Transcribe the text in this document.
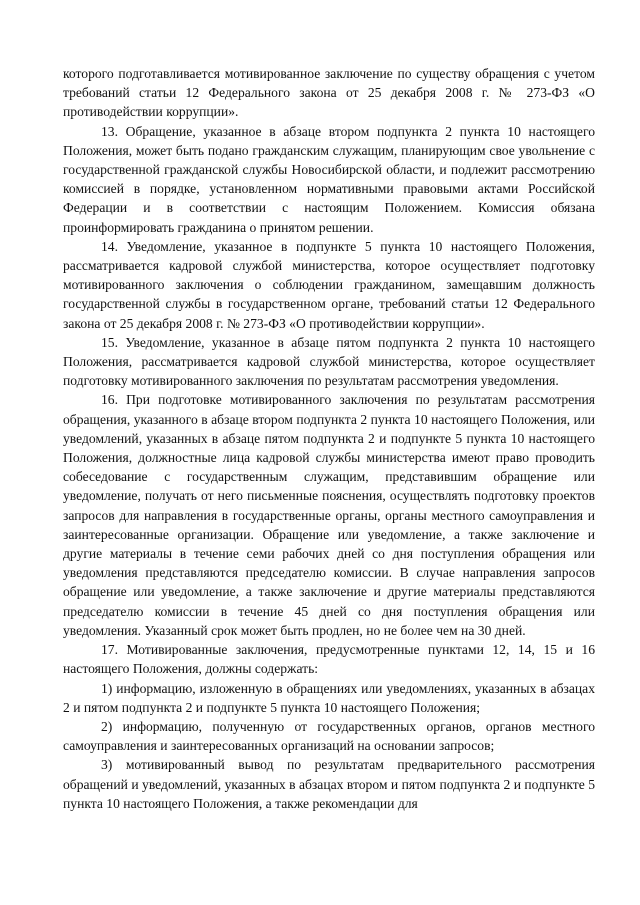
которого подготавливается мотивированное заключение по существу обращения с учетом требований статьи 12 Федерального закона от 25 декабря 2008 г. № 273-ФЗ «О противодействии коррупции».

13. Обращение, указанное в абзаце втором подпункта 2 пункта 10 настоящего Положения, может быть подано гражданским служащим, планирующим свое увольнение с государственной гражданской службы Новосибирской области, и подлежит рассмотрению комиссией в порядке, установленном нормативными правовыми актами Российской Федерации и в соответствии с настоящим Положением. Комиссия обязана проинформировать гражданина о принятом решении.

14. Уведомление, указанное в подпункте 5 пункта 10 настоящего Положения, рассматривается кадровой службой министерства, которое осуществляет подготовку мотивированного заключения о соблюдении гражданином, замещавшим должность государственной службы в государственном органе, требований статьи 12 Федерального закона от 25 декабря 2008 г. № 273-ФЗ «О противодействии коррупции».

15. Уведомление, указанное в абзаце пятом подпункта 2 пункта 10 настоящего Положения, рассматривается кадровой службой министерства, которое осуществляет подготовку мотивированного заключения по результатам рассмотрения уведомления.

16. При подготовке мотивированного заключения по результатам рассмотрения обращения, указанного в абзаце втором подпункта 2 пункта 10 настоящего Положения, или уведомлений, указанных в абзаце пятом подпункта 2 и подпункте 5 пункта 10 настоящего Положения, должностные лица кадровой службы министерства имеют право проводить собеседование с государственным служащим, представившим обращение или уведомление, получать от него письменные пояснения, осуществлять подготовку проектов запросов для направления в государственные органы, органы местного самоуправления и заинтересованные организации. Обращение или уведомление, а также заключение и другие материалы в течение семи рабочих дней со дня поступления обращения или уведомления представляются председателю комиссии. В случае направления запросов обращение или уведомление, а также заключение и другие материалы представляются председателю комиссии в течение 45 дней со дня поступления обращения или уведомления. Указанный срок может быть продлен, но не более чем на 30 дней.

17. Мотивированные заключения, предусмотренные пунктами 12, 14, 15 и 16 настоящего Положения, должны содержать:

1) информацию, изложенную в обращениях или уведомлениях, указанных в абзацах 2 и пятом подпункта 2 и подпункте 5 пункта 10 настоящего Положения;

2) информацию, полученную от государственных органов, органов местного самоуправления и заинтересованных организаций на основании запросов;

3) мотивированный вывод по результатам предварительного рассмотрения обращений и уведомлений, указанных в абзацах втором и пятом подпункта 2 и подпункте 5 пункта 10 настоящего Положения, а также рекомендации для
